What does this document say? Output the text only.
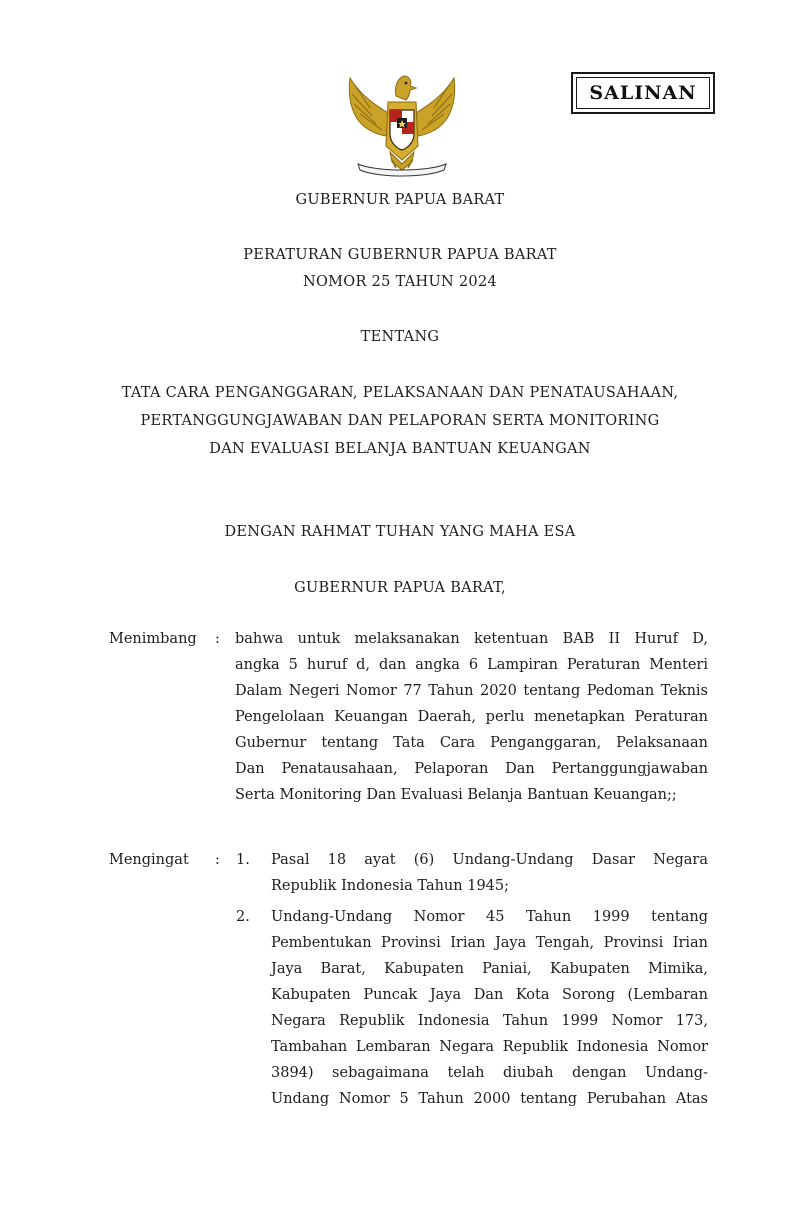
SALINAN
GUBERNUR PAPUA BARAT
PERATURAN GUBERNUR PAPUA BARAT
NOMOR 25 TAHUN 2024
TENTANG
TATA CARA PENGANGGARAN, PELAKSANAAN DAN PENATAUSAHAAN,
PERTANGGUNGJAWABAN DAN PELAPORAN SERTA MONITORING
DAN EVALUASI BELANJA BANTUAN KEUANGAN
DENGAN RAHMAT TUHAN YANG MAHA ESA
GUBERNUR PAPUA BARAT,
Menimbang : bahwa untuk melaksanakan ketentuan BAB II Huruf D,
angka 5 huruf d, dan angka 6 Lampiran Peraturan Menteri
Dalam Negeri Nomor 77 Tahun 2020 tentang Pedoman Teknis
Pengelolaan Keuangan Daerah, perlu menetapkan Peraturan
Gubernur tentang Tata Cara Penganggaran, Pelaksanaan
Dan Penatausahaan, Pelaporan Dan Pertanggungjawaban
Serta Monitoring Dan Evaluasi Belanja Bantuan Keuangan;;
Mengingat : 1. Pasal 18 ayat (6) Undang-Undang Dasar Negara
Republik Indonesia Tahun 1945;
2. Undang-Undang Nomor 45 Tahun 1999 tentang
Pembentukan Provinsi Irian Jaya Tengah, Provinsi Irian
Jaya Barat, Kabupaten Paniai, Kabupaten Mimika,
Kabupaten Puncak Jaya Dan Kota Sorong (Lembaran
Negara Republik Indonesia Tahun 1999 Nomor 173,
Tambahan Lembaran Negara Republik Indonesia Nomor
3894) sebagaimana telah diubah dengan Undang-
Undang Nomor 5 Tahun 2000 tentang Perubahan Atas
